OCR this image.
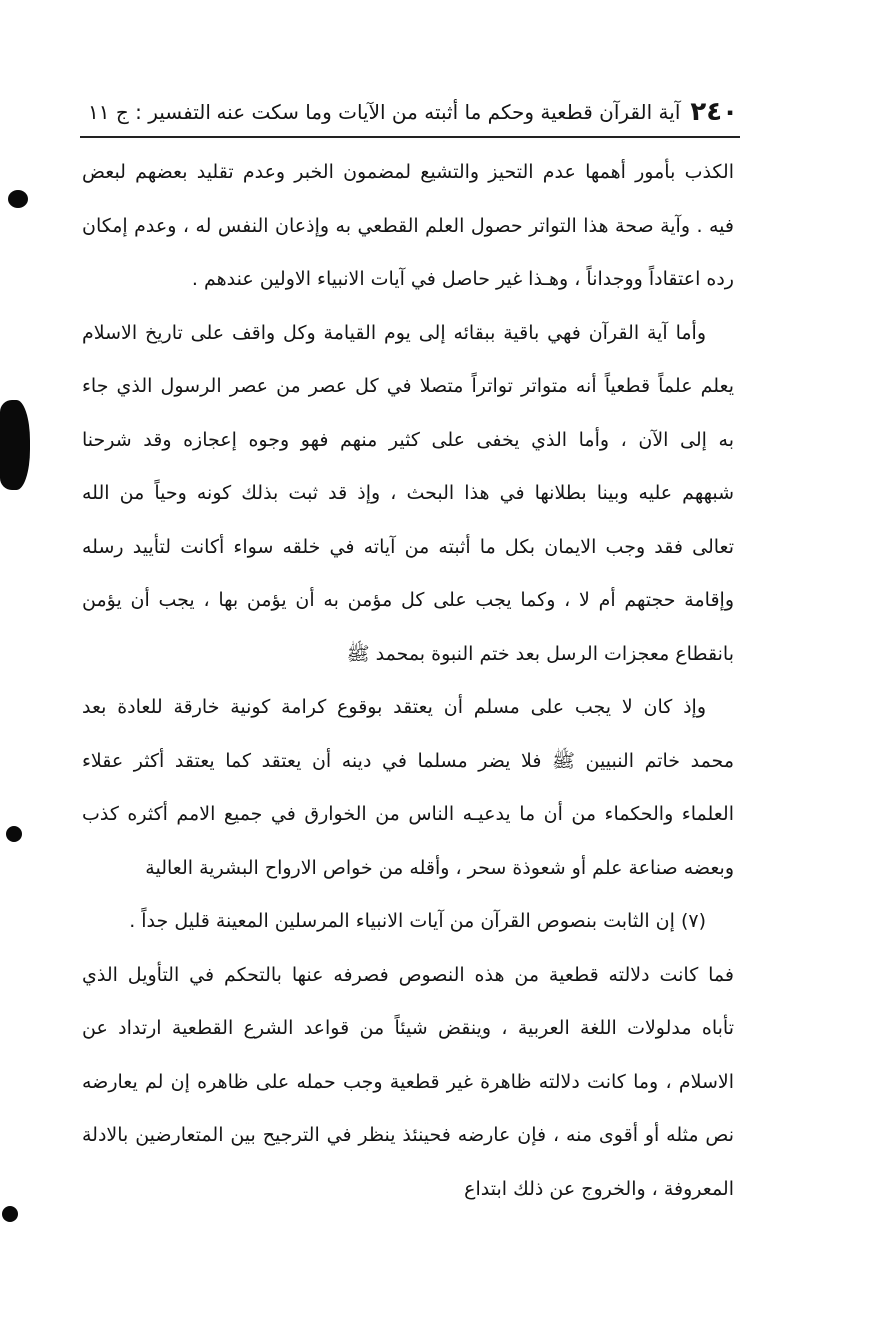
٢٤٠
آية القرآن قطعية وحكم ما أثبته من الآيات وما سكت عنه
التفسير : ج ١١
الكذب بأمور أهمها عدم التحيز والتشيع لمضمون الخبر وعدم تقليد بعضهم لبعض
فيه . وآية صحة هذا التواتر حصول العلم القطعي به وإذعان النفس له ، وعدم إمكان
رده اعتقاداً ووجداناً ، وهـذا غير حاصل في آيات الانبياء الاولين عندهم .
وأما آية القرآن فهي باقية ببقائه إلى يوم القيامة وكل واقف على تاريخ الاسلام
يعلم علماً قطعياً أنه متواتر تواتراً متصلا في كل عصر من عصر الرسول الذي جاء
به إلى الآن ، وأما الذي يخفى على كثير منهم فهو وجوه إعجازه وقد شرحنا
شبههم عليه وبينا بطلانها في هذا البحث ، وإذ قد ثبت بذلك كونه وحياً من الله
تعالى فقد وجب الايمان بكل ما أثبته من آياته في خلقه سواء أكانت لتأييد رسله
وإقامة حجتهم أم لا ، وكما يجب على كل مؤمن به أن يؤمن بها ، يجب أن يؤمن
بانقطاع معجزات الرسل بعد ختم النبوة بمحمد ﷺ
وإذ كان لا يجب على مسلم أن يعتقد بوقوع كرامة كونية خارقة للعادة بعد
محمد خاتم النبيين ﷺ فلا يضر مسلما في دينه أن يعتقد كما يعتقد أكثر عقلاء
العلماء والحكماء من أن ما يدعيـه الناس من الخوارق في جميع الامم أكثره كذب
وبعضه صناعة علم أو شعوذة سحر ، وأقله من خواص الارواح البشرية العالية
(٧) إن الثابت بنصوص القرآن من آيات الانبياء المرسلين المعينة قليل جداً .
فما كانت دلالته قطعية من هذه النصوص فصرفه عنها بالتحكم في التأويل الذي
تأباه مدلولات اللغة العربية ، وينقض شيئاً من قواعد الشرع القطعية ارتداد عن
الاسلام ، وما كانت دلالته ظاهرة غير قطعية وجب حمله على ظاهره إن لم يعارضه
نص مثله أو أقوى منه ، فإن عارضه فحينئذ ينظر في الترجيح بين المتعارضين بالادلة
المعروفة ، والخروج عن ذلك ابتداع
